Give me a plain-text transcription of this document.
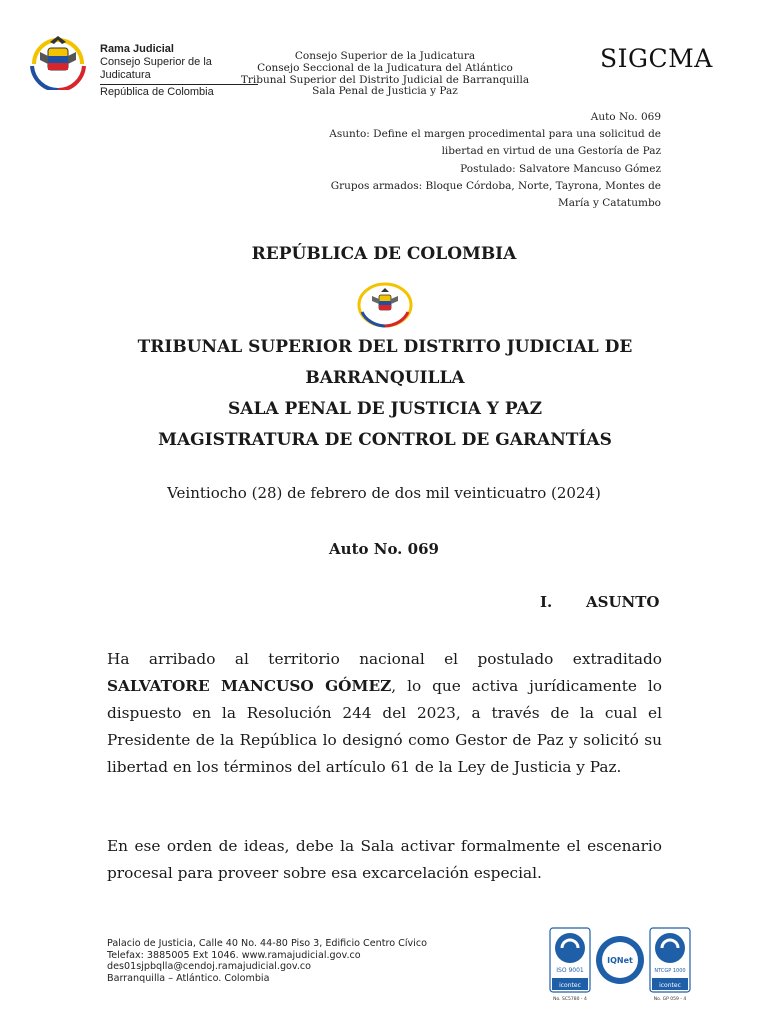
Rama Judicial
Consejo Superior de la Judicatura
República de Colombia
Consejo Superior de la Judicatura
Consejo Seccional de la Judicatura del Atlántico
Tribunal Superior del Distrito Judicial de Barranquilla
Sala Penal de Justicia y Paz
SIGCMA
Auto No. 069
Asunto: Define el margen procedimental para una solicitud de
libertad en virtud de una Gestoría de Paz
Postulado: Salvatore Mancuso Gómez
Grupos armados: Bloque Córdoba, Norte, Tayrona, Montes de
María y Catatumbo
REPÚBLICA DE COLOMBIA
TRIBUNAL SUPERIOR DEL DISTRITO JUDICIAL DE
BARRANQUILLA
SALA PENAL DE JUSTICIA Y PAZ
MAGISTRATURA DE CONTROL DE GARANTÍAS
Veintiocho (28) de febrero de dos mil veinticuatro (2024)
Auto No. 069
I. ASUNTO
Ha arribado al territorio nacional el postulado extraditado SALVATORE MANCUSO GÓMEZ, lo que activa jurídicamente lo dispuesto en la Resolución 244 del 2023, a través de la cual el Presidente de la República lo designó como Gestor de Paz y solicitó su libertad en los términos del artículo 61 de la Ley de Justicia y Paz.
En ese orden de ideas, debe la Sala activar formalmente el escenario procesal para proveer sobre esa excarcelación especial.
Palacio de Justicia, Calle 40 No. 44-80 Piso 3, Edificio Centro Cívico
Telefax: 3885005 Ext 1046. www.ramajudicial.gov.co
des01sjpbqlla@cendoj.ramajudicial.gov.co
Barranquilla – Atlántico. Colombia
ISO 9001
icontec
No. SC5780 - 4
IQNet
NTCGP 1000
icontec
No. GP 059 - 4
